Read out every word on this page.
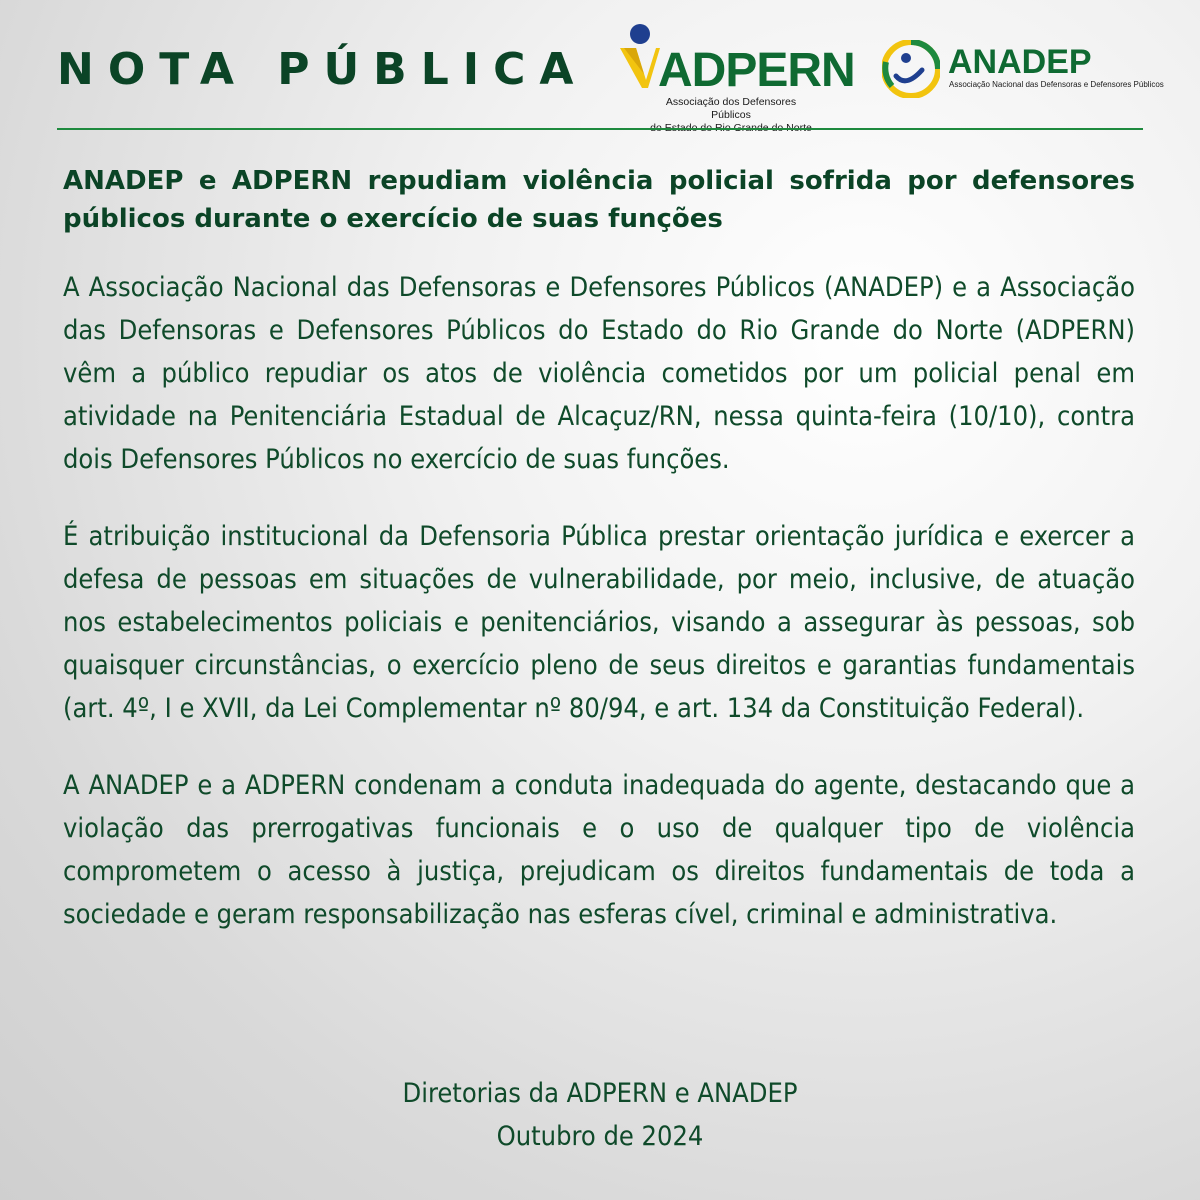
NOTA PÚBLICA ADPERN
Associação dos Defensores Públicos
ANADEP
Associação Nacional das Defensoras e Defensores Públicos
ANADEP e ADPERN repudiam violência policial sofrida por defensores públicos durante o exercício de suas funções

A Associação Nacional das Defensoras e Defensores Públicos (ANADEP) e a Associação das Defensoras e Defensores Públicos do Estado do Rio Grande do Norte (ADPERN) vêm a público repudiar os atos de violência cometidos por um policial penal em atividade na Penitenciária Estadual de Alcaçuz/RN, nessa quinta-feira (10/10), contra dois Defensores Públicos no exercício de suas funções.

É atribuição institucional da Defensoria Pública prestar orientação jurídica e exercer a defesa de pessoas em situações de vulnerabilidade, por meio, inclusive, de atuação nos estabelecimentos policiais e penitenciários, visando a assegurar às pessoas, sob quaisquer circunstâncias, o exercício pleno de seus direitos e garantias fundamentais (art. 4º, I e XVII, da Lei Complementar nº 80/94, e art. 134 da Constituição Federal).

A ANADEP e a ADPERN condenam a conduta inadequada do agente, destacando que a violação das prerrogativas funcionais e o uso de qualquer tipo de violência comprometem o acesso à justiça, prejudicam os direitos fundamentais de toda a sociedade e geram responsabilização nas esferas cível, criminal e administrativa.

Diretorias da ADPERN e ANADEP
Outubro de 2024
